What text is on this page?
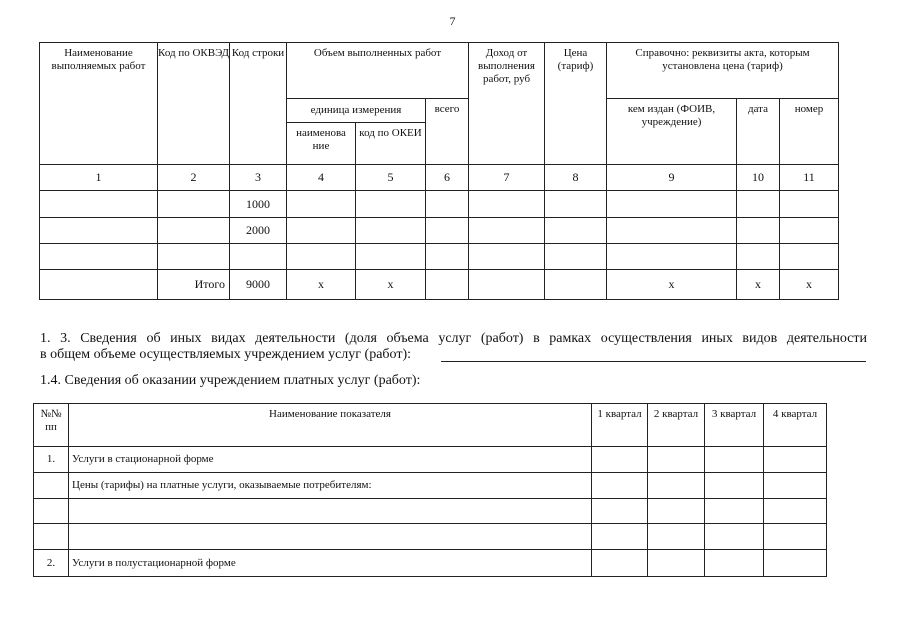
7
Наименование выполняемых работ	Код по ОКВЭД	Код строки	Объем выполненных работ			Доход от выполнения работ, руб	Цена (тариф)	Справочно: реквизиты акта, которым установлена цена (тариф)		
			единица измерения		всего			кем издан (ФОИВ, учреждение)	дата	номер
			наименова ние	код по ОКЕИ						
1	2	3	4	5	6	7	8	9	10	11
		1000								
		2000								

	Итого	9000	x	x				x	x	x
1. 3. Сведения об иных видах деятельности (доля объема услуг (работ) в рамках осуществления иных видов деятельности
в общем объеме осуществляемых учреждением услуг (работ):
1.4. Сведения об оказании учреждением платных услуг (работ):
№№ пп	Наименование показателя	1 квартал	2 квартал	3 квартал	4 квартал
1.	Услуги в стационарной форме				
	Цены (тарифы) на платные услуги, оказываемые потребителям:				

2.	Услуги в полустационарной форме				
